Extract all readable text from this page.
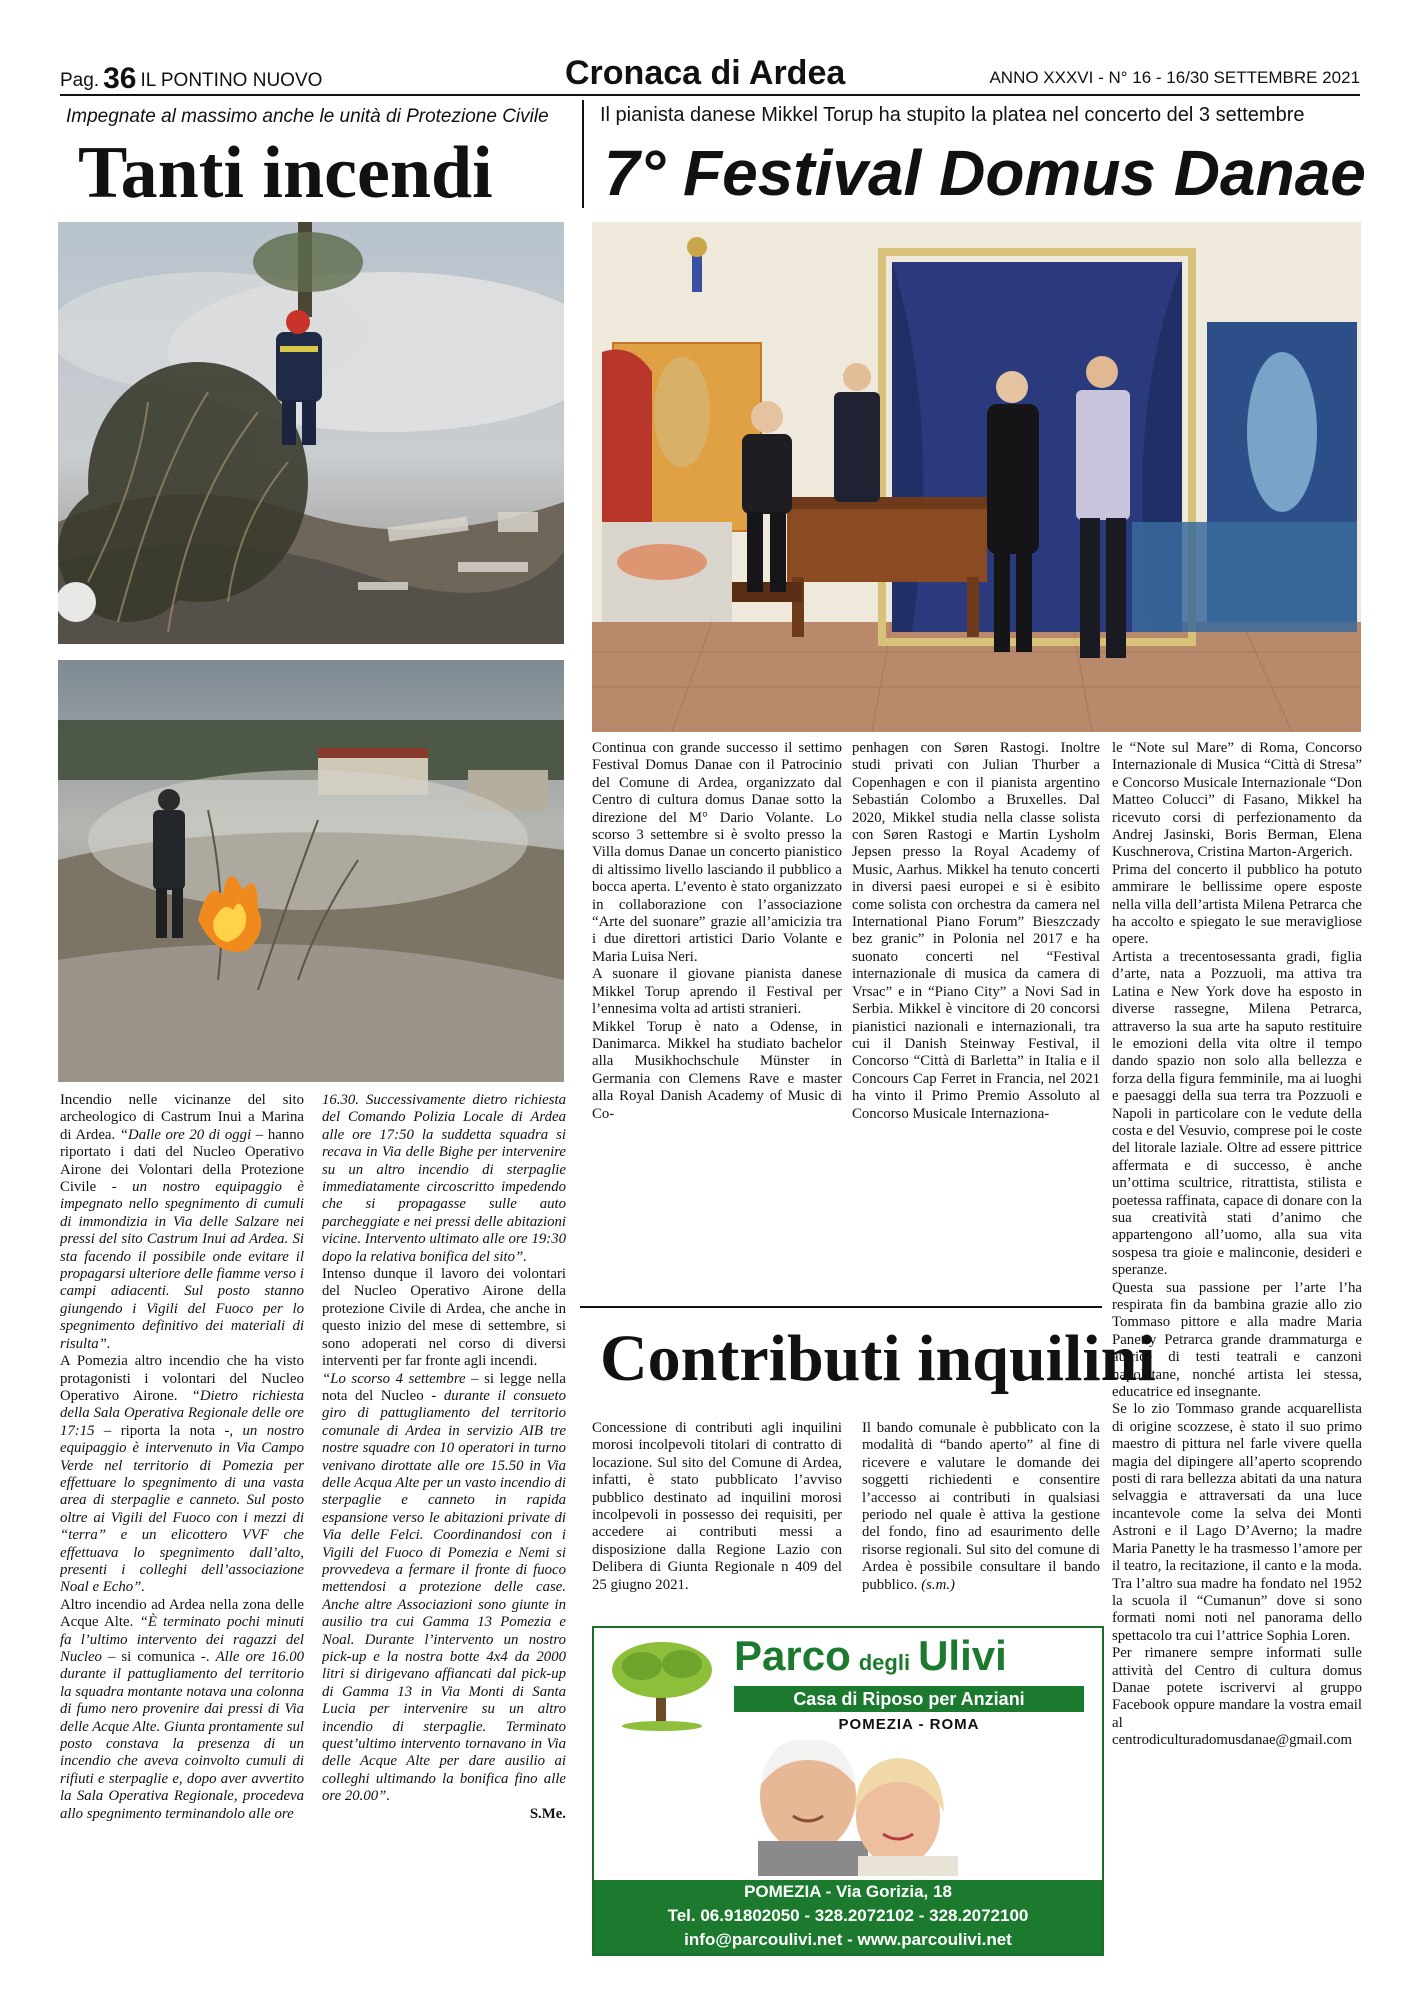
Pag. 36 IL PONTINO NUOVO	Cronaca di Ardea	ANNO XXXVI - N° 16 - 16/30 SETTEMBRE 2021
Impegnate al massimo anche le unità di Protezione Civile
Tanti incendi

Incendio nelle vicinanze del sito archeologico di Castrum Inui a Marina di Ardea. “Dalle ore 20 di oggi – hanno riportato i dati del Nucleo Operativo Airone dei Volontari della Protezione Civile - un nostro equipaggio è impegnato nello spegnimento di cumuli di immondizia in Via delle Salzare nei pressi del sito Castrum Inui ad Ardea. Si sta facendo il possibile onde evitare il propagarsi ulteriore delle fiamme verso i campi adiacenti. Sul posto stanno giungendo i Vigili del Fuoco per lo spegnimento definitivo dei materiali di risulta”.
A Pomezia altro incendio che ha visto protagonisti i volontari del Nucleo Operativo Airone. “Dietro richiesta della Sala Operativa Regionale delle ore 17:15 – riporta la nota -, un nostro equipaggio è intervenuto in Via Campo Verde nel territorio di Pomezia per effettuare lo spegnimento di una vasta area di sterpaglie e canneto. Sul posto oltre ai Vigili del Fuoco con i mezzi di “terra” e un elicottero VVF che effettuava lo spegnimento dall’alto, presenti i colleghi dell’associazione Noal e Echo”.
Altro incendio ad Ardea nella zona delle Acque Alte. “È terminato pochi minuti fa l’ultimo intervento dei ragazzi del Nucleo – si comunica -. Alle ore 16.00 durante il pattugliamento del territorio la squadra montante notava una colonna di fumo nero provenire dai pressi di Via delle Acque Alte. Giunta prontamente sul posto constava la presenza di un incendio che aveva coinvolto cumuli di rifiuti e sterpaglie e, dopo aver avvertito la Sala Operativa Regionale, procedeva allo spegnimento terminandolo alle ore

16.30. Successivamente dietro richiesta del Comando Polizia Locale di Ardea alle ore 17:50 la suddetta squadra si recava in Via delle Bighe per intervenire su un altro incendio di sterpaglie immediatamente circoscritto impedendo che si propagasse sulle auto parcheggiate e nei pressi delle abitazioni vicine. Intervento ultimato alle ore 19:30 dopo la relativa bonifica del sito”.
Intenso dunque il lavoro dei volontari del Nucleo Operativo Airone della protezione Civile di Ardea, che anche in questo inizio del mese di settembre, si sono adoperati nel corso di diversi interventi per far fronte agli incendi.
“Lo scorso 4 settembre – si legge nella nota del Nucleo - durante il consueto giro di pattugliamento del territorio comunale di Ardea in servizio AIB tre nostre squadre con 10 operatori in turno venivano dirottate alle ore 15.50 in Via delle Acqua Alte per un vasto incendio di sterpaglie e canneto in rapida espansione verso le abitazioni private di Via delle Felci. Coordinandosi con i Vigili del Fuoco di Pomezia e Nemi si provvedeva a fermare il fronte di fuoco mettendosi a protezione delle case. Anche altre Associazioni sono giunte in ausilio tra cui Gamma 13 Pomezia e Noal. Durante l’intervento un nostro pick-up e la nostra botte 4x4 da 2000 litri si dirigevano affiancati dal pick-up di Gamma 13 in Via Monti di Santa Lucia per intervenire su un altro incendio di sterpaglie. Terminato quest’ultimo intervento tornavano in Via delle Acque Alte per dare ausilio ai colleghi ultimando la bonifica fino alle ore 20.00”.

S.Me.
Il pianista danese Mikkel Torup ha stupito la platea nel concerto del 3 settembre
7° Festival Domus Danae

Continua con grande successo il settimo Festival Domus Danae con il Patrocinio del Comune di Ardea, organizzato dal Centro di cultura domus Danae sotto la direzione del M° Dario Volante. Lo scorso 3 settembre si è svolto presso la Villa domus Danae un concerto pianistico di altissimo livello lasciando il pubblico a bocca aperta. L’evento è stato organizzato in collaborazione con l’associazione “Arte del suonare” grazie all’amicizia tra i due direttori artistici Dario Volante e Maria Luisa Neri.
A suonare il giovane pianista danese Mikkel Torup aprendo il Festival per l’ennesima volta ad artisti stranieri.
Mikkel Torup è nato a Odense, in Danimarca. Mikkel ha studiato bachelor alla Musikhochschule Münster in Germania con Clemens Rave e master alla Royal Danish Academy of Music di Co-

penhagen con Søren Rastogi. Inoltre studi privati con Julian Thurber a Copenhagen e con il pianista argentino Sebastián Colombo a Bruxelles. Dal 2020, Mikkel studia nella classe solista con Søren Rastogi e Martin Lysholm Jepsen presso la Royal Academy of Music, Aarhus. Mikkel ha tenuto concerti in diversi paesi europei e si è esibito come solista con orchestra da camera nel International Piano Forum” Bieszczady bez granic” in Polonia nel 2017 e ha suonato concerti nel “Festival internazionale di musica da camera di Vrsac” e in “Piano City” a Novi Sad in Serbia. Mikkel è vincitore di 20 concorsi pianistici nazionali e internazionali, tra cui il Danish Steinway Festival, il Concorso “Città di Barletta” in Italia e il Concours Cap Ferret in Francia, nel 2021 ha vinto il Primo Premio Assoluto al Concorso Musicale Internaziona-

le “Note sul Mare” di Roma, Concorso Internazionale di Musica “Città di Stresa” e Concorso Musicale Internazionale “Don Matteo Colucci” di Fasano, Mikkel ha ricevuto corsi di perfezionamento da Andrej Jasinski, Boris Berman, Elena Kuschnerova, Cristina Marton-Argerich.
Prima del concerto il pubblico ha potuto ammirare le bellissime opere esposte nella villa dell’artista Milena Petrarca che ha accolto e spiegato le sue meravigliose opere.
Artista a trecentosessanta gradi, figlia d’arte, nata a Pozzuoli, ma attiva tra Latina e New York dove ha esposto in diverse rassegne, Milena Petrarca, attraverso la sua arte ha saputo restituire le emozioni della vita oltre il tempo dando spazio non solo alla bellezza e forza della figura femminile, ma ai luoghi e paesaggi della sua terra tra Pozzuoli e Napoli in particolare con le vedute della costa e del Vesuvio, comprese poi le coste del litorale laziale. Oltre ad essere pittrice affermata e di successo, è anche un’ottima scultrice, ritrattista, stilista e poetessa raffinata, capace di donare con la sua creatività stati d’animo che appartengono all’uomo, alla sua vita sospesa tra gioie e malinconie, desideri e speranze.
Questa sua passione per l’arte l’ha respirata fin da bambina grazie allo zio Tommaso pittore e alla madre Maria Panetty Petrarca grande drammaturga e autrice di testi teatrali e canzoni napoletane, nonché artista lei stessa, educatrice ed insegnante.
Se lo zio Tommaso grande acquarellista di origine scozzese, è stato il suo primo maestro di pittura nel farle vivere quella magia del dipingere all’aperto scoprendo posti di rara bellezza abitati da una natura selvaggia e attraversati da una luce incantevole come la selva dei Monti Astroni e il Lago D’Averno; la madre Maria Panetty le ha trasmesso l’amore per il teatro, la recitazione, il canto e la moda. Tra l’altro sua madre ha fondato nel 1952 la scuola il “Cumanun” dove si sono formati nomi noti nel panorama dello spettacolo tra cui l’attrice Sophia Loren.
Per rimanere sempre informati sulle attività del Centro di cultura domus Danae potete iscrivervi al gruppo Facebook oppure mandare la vostra email al centrodiculturadomusdanae@gmail.com

Contributi inquilini

Concessione di contributi agli inquilini morosi incolpevoli titolari di contratto di locazione. Sul sito del Comune di Ardea, infatti, è stato pubblicato l’avviso pubblico destinato ad inquilini morosi incolpevoli in possesso dei requisiti, per accedere ai contributi messi a disposizione dalla Regione Lazio con Delibera di Giunta Regionale n 409 del 25 giugno 2021.

Il bando comunale è pubblicato con la modalità di “bando aperto” al fine di ricevere e valutare le domande dei soggetti richiedenti e consentire l’accesso ai contributi in qualsiasi periodo nel quale è attiva la gestione del fondo, fino ad esaurimento delle risorse regionali. Sul sito del comune di Ardea è possibile consultare il bando pubblico. (s.m.)

Parco degli Ulivi
Casa di Riposo per Anziani
POMEZIA - ROMA
POMEZIA - Via Gorizia, 18
Tel. 06.91802050 - 328.2072102 - 328.2072100
info@parcoulivi.net - www.parcoulivi.net
